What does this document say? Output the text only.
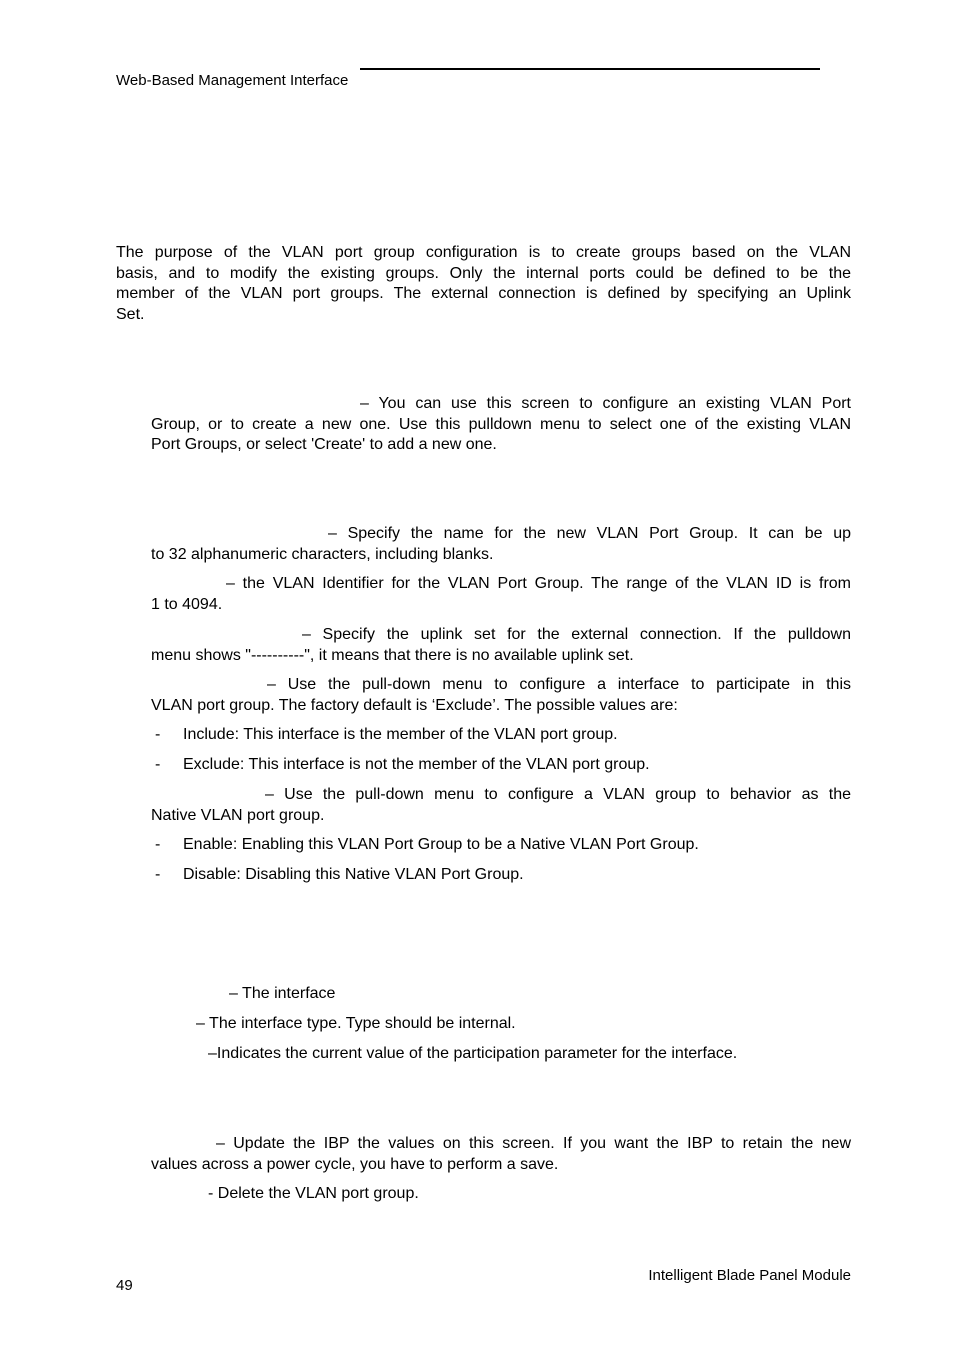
Web-Based Management Interface
The purpose of the VLAN port group configuration is to create groups based on the VLAN
basis, and to modify the existing groups. Only the internal ports could be defined to be the
member of the VLAN port groups. The external connection is defined by specifying an Uplink
Set.
– You can use this screen to configure an existing VLAN Port
Group, or to create a new one. Use this pulldown menu to select one of the existing VLAN
Port Groups, or select 'Create' to add a new one.
– Specify the name for the new VLAN Port Group. It can be up
to 32 alphanumeric characters, including blanks.
– the VLAN Identifier for the VLAN Port Group. The range of the VLAN ID is from
1 to 4094.
– Specify the uplink set for the external connection. If the pulldown
menu shows "----------", it means that there is no available uplink set.
– Use the pull-down menu to configure a interface to participate in this
VLAN port group. The factory default is ‘Exclude’. The possible values are:
-	Include: This interface is the member of the VLAN port group.
-	Exclude: This interface is not the member of the VLAN port group.
– Use the pull-down menu to configure a VLAN group to behavior as the
Native VLAN port group.
-	Enable: Enabling this VLAN Port Group to be a Native VLAN Port Group.
-	Disable: Disabling this Native VLAN Port Group.
– The interface
– The interface type. Type should be internal.
–Indicates the current value of the participation parameter for the interface.
– Update the IBP the values on this screen. If you want the IBP to retain the new
values across a power cycle, you have to perform a save.
- Delete the VLAN port group.
49
Intelligent Blade Panel Module
